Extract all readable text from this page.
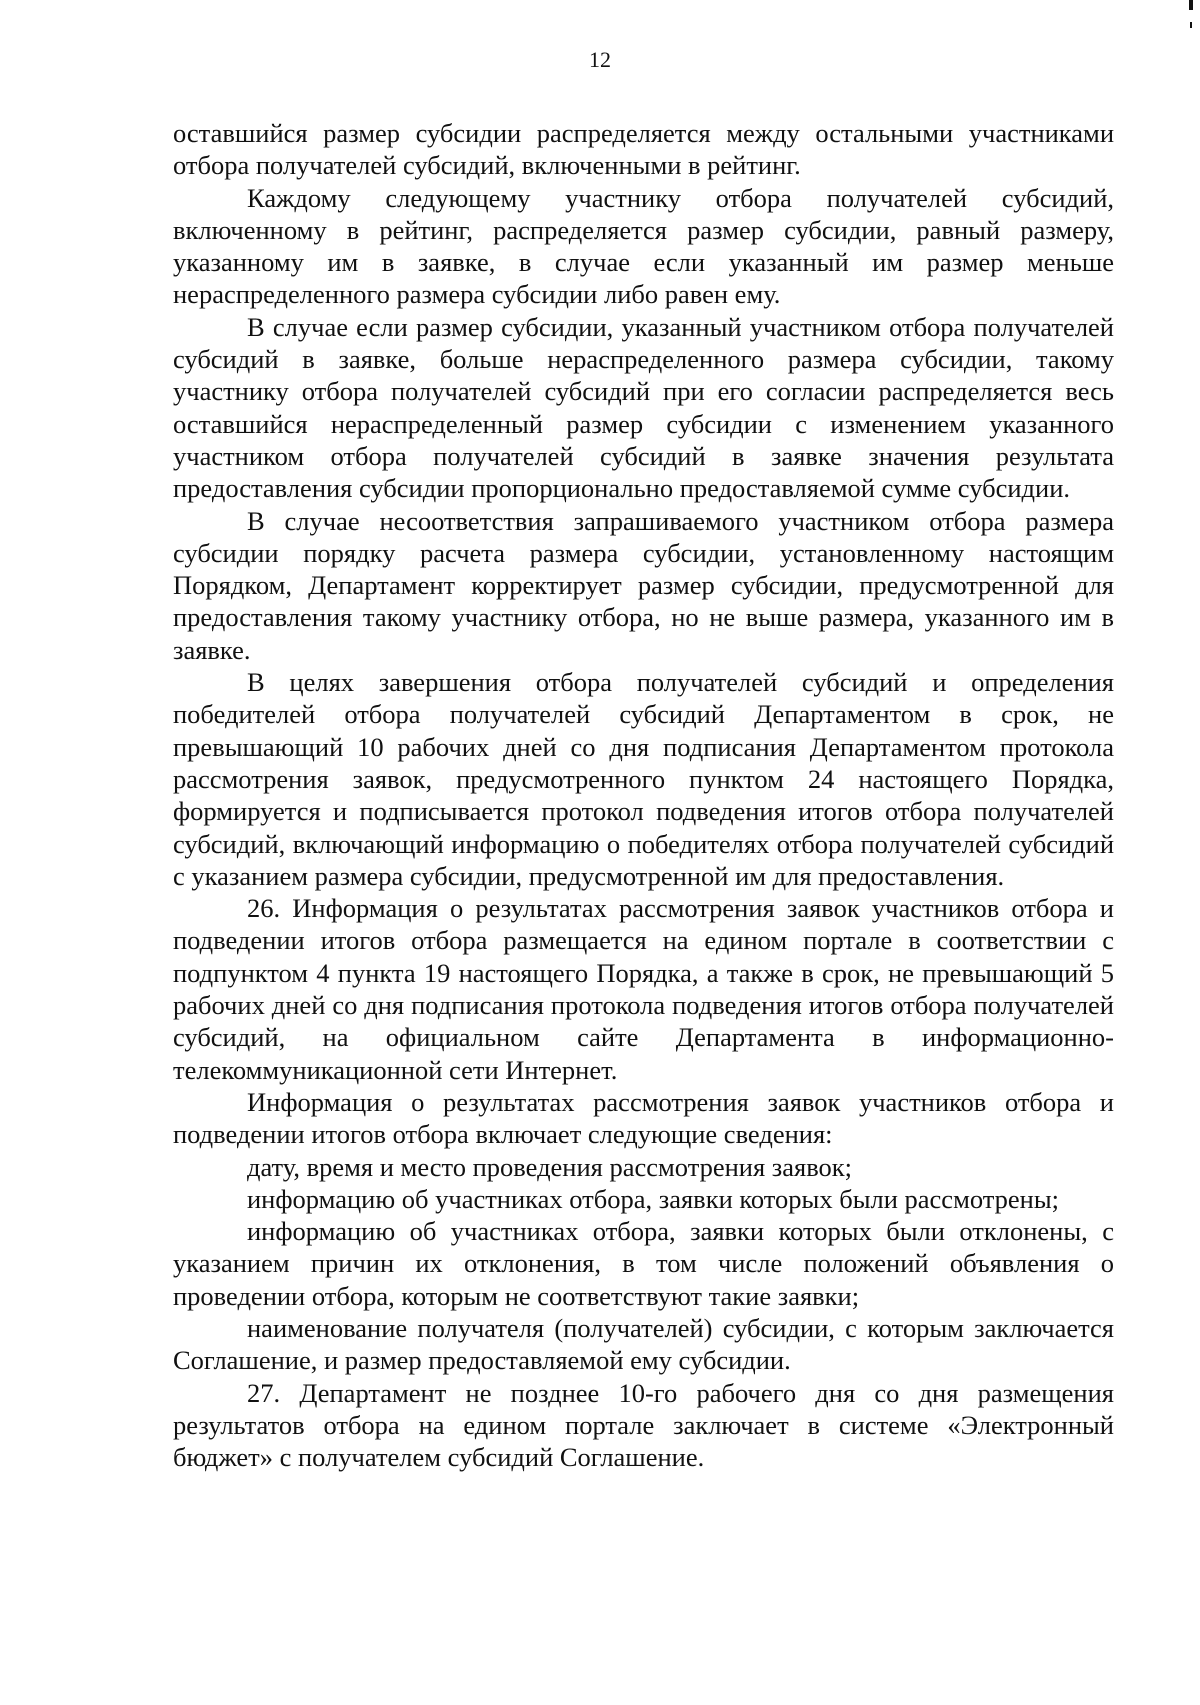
12

оставшийся размер субсидии распределяется между остальными участниками отбора получателей субсидий, включенными в рейтинг.

Каждому следующему участнику отбора получателей субсидий, включенному в рейтинг, распределяется размер субсидии, равный размеру, указанному им в заявке, в случае если указанный им размер меньше нераспределенного размера субсидии либо равен ему.

В случае если размер субсидии, указанный участником отбора получателей субсидий в заявке, больше нераспределенного размера субсидии, такому участнику отбора получателей субсидий при его согласии распределяется весь оставшийся нераспределенный размер субсидии с изменением указанного участником отбора получателей субсидий в заявке значения результата предоставления субсидии пропорционально предоставляемой сумме субсидии.

В случае несоответствия запрашиваемого участником отбора размера субсидии порядку расчета размера субсидии, установленному настоящим Порядком, Департамент корректирует размер субсидии, предусмотренной для предоставления такому участнику отбора, но не выше размера, указанного им в заявке.

В целях завершения отбора получателей субсидий и определения победителей отбора получателей субсидий Департаментом в срок, не превышающий 10 рабочих дней со дня подписания Департаментом протокола рассмотрения заявок, предусмотренного пунктом 24 настоящего Порядка, формируется и подписывается протокол подведения итогов отбора получателей субсидий, включающий информацию о победителях отбора получателей субсидий с указанием размера субсидии, предусмотренной им для предоставления.

26. Информация о результатах рассмотрения заявок участников отбора и подведении итогов отбора размещается на едином портале в соответствии с подпунктом 4 пункта 19 настоящего Порядка, а также в срок, не превышающий 5 рабочих дней со дня подписания протокола подведения итогов отбора получателей субсидий, на официальном сайте Департамента в информационно-телекоммуникационной сети Интернет.

Информация о результатах рассмотрения заявок участников отбора и подведении итогов отбора включает следующие сведения:

дату, время и место проведения рассмотрения заявок;

информацию об участниках отбора, заявки которых были рассмотрены;

информацию об участниках отбора, заявки которых были отклонены, с указанием причин их отклонения, в том числе положений объявления о проведении отбора, которым не соответствуют такие заявки;

наименование получателя (получателей) субсидии, с которым заключается Соглашение, и размер предоставляемой ему субсидии.

27. Департамент не позднее 10-го рабочего дня со дня размещения результатов отбора на едином портале заключает в системе «Электронный бюджет» с получателем субсидий Соглашение.
